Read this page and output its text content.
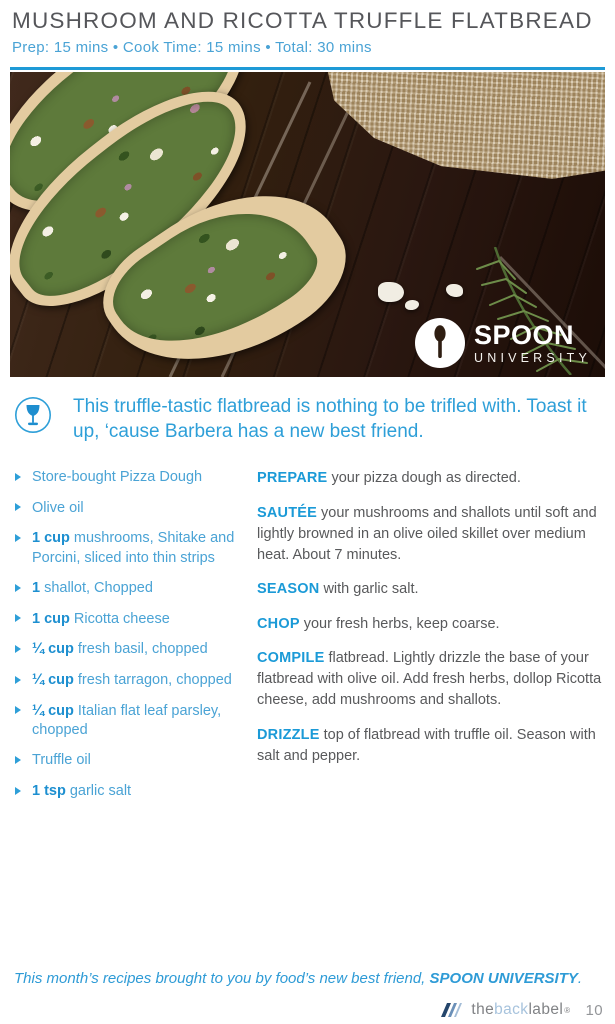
MUSHROOM AND RICOTTA TRUFFLE FLATBREAD
Prep: 15 mins • Cook Time: 15 mins • Total: 30 mins
SPOON
UNIVERSITY
This truffle-tastic flatbread is nothing to be trifled with. Toast it up, ‘cause Barbera has a new best friend.
Store-bought Pizza Dough
Olive oil
1 cup mushrooms, Shitake and Porcini, sliced into thin strips
1 shallot, Chopped
1 cup Ricotta cheese
¼ cup fresh basil, chopped
¼ cup fresh tarragon, chopped
¼ cup Italian flat leaf parsley, chopped
Truffle oil
1 tsp garlic salt

PREPARE your pizza dough as directed.

SAUTÉE your mushrooms and shallots until soft and lightly browned in an olive oiled skillet over medium heat. About 7 minutes.

SEASON with garlic salt.

CHOP your fresh herbs, keep coarse.

COMPILE flatbread. Lightly drizzle the base of your flatbread with olive oil. Add fresh herbs, dollop Ricotta cheese, add mushrooms and shallots.

DRIZZLE top of flatbread with truffle oil. Season with salt and pepper.

This month’s recipes brought to you by food’s new best friend, SPOON UNIVERSITY.
the back label ® 10
